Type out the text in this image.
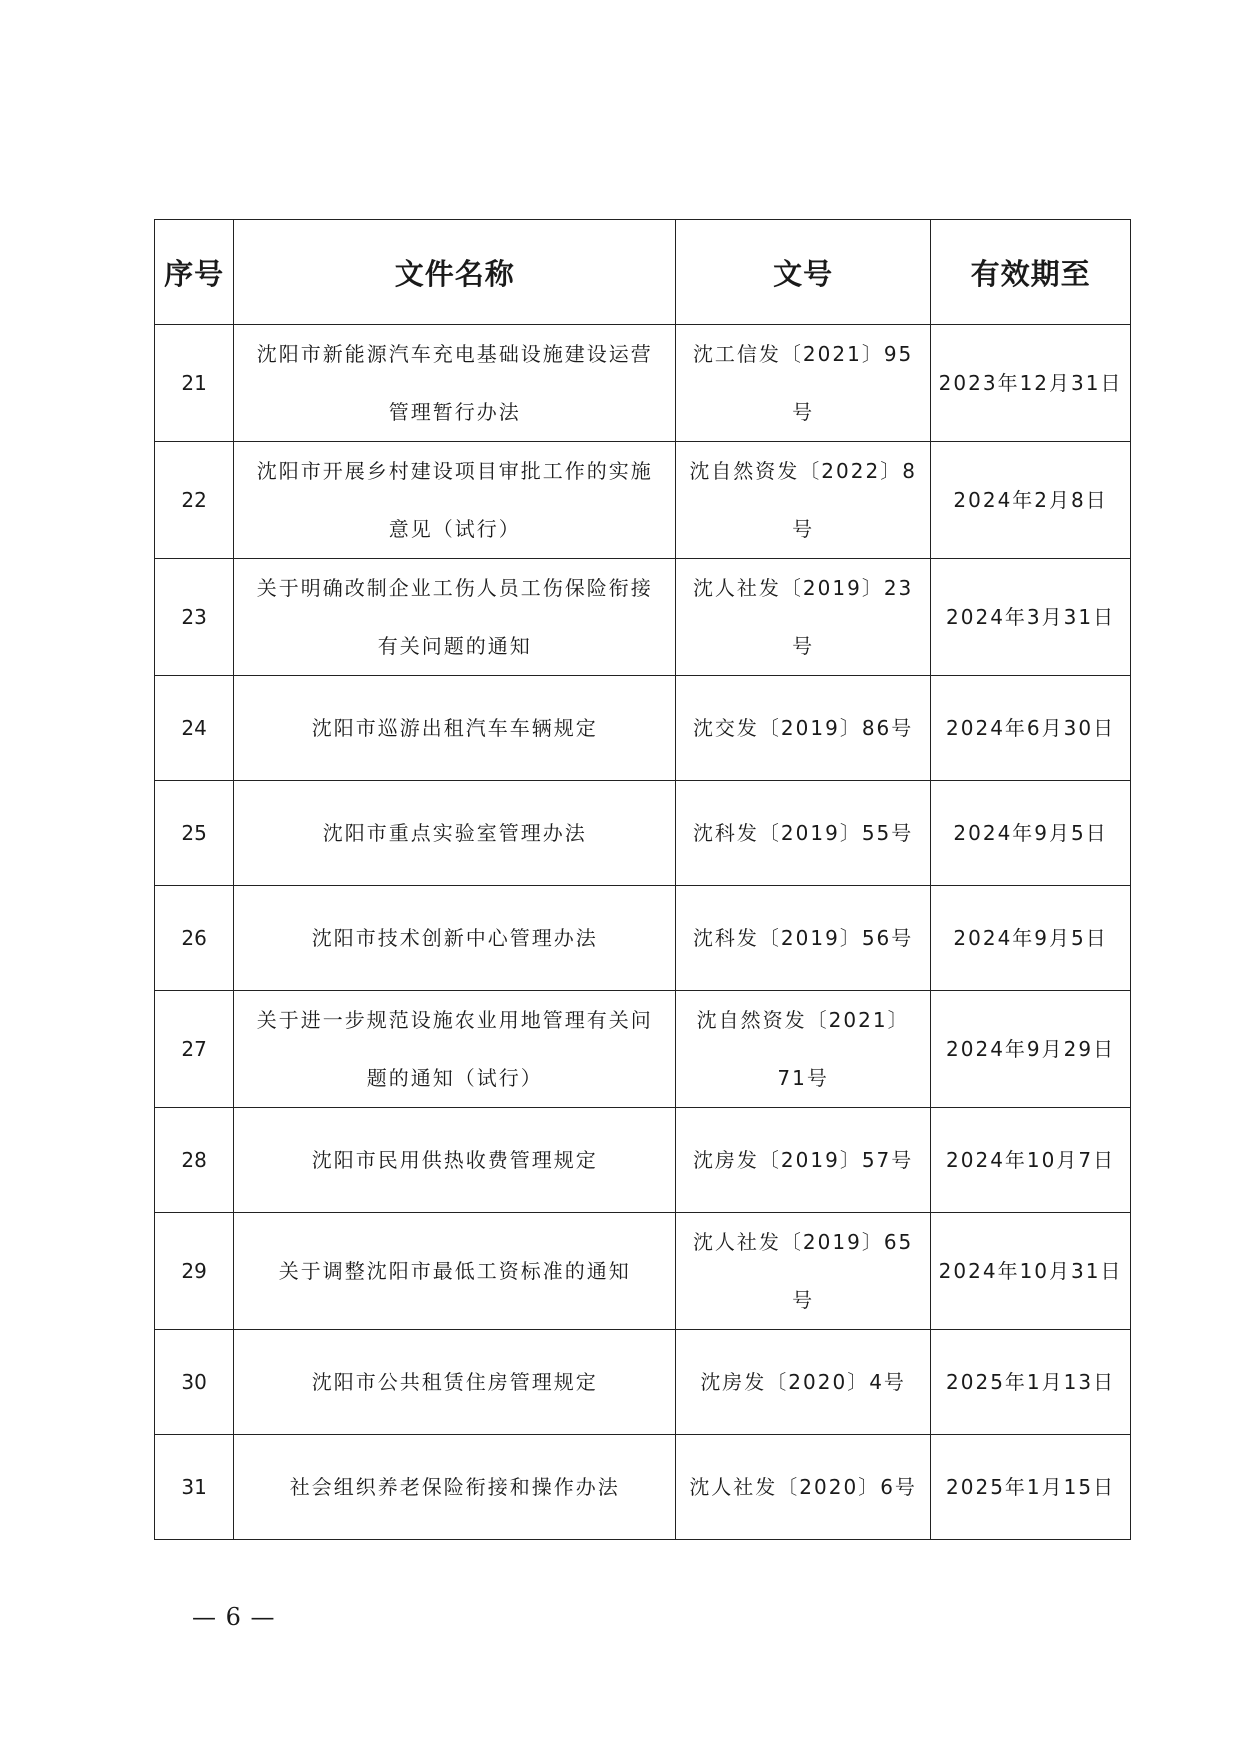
序号	文件名称	文号	有效期至
21	沈阳市新能源汽车充电基础设施建设运营管理暂行办法	沈工信发〔2021〕95号	2023年12月31日
22	沈阳市开展乡村建设项目审批工作的实施意见（试行）	沈自然资发〔2022〕8号	2024年2月8日
23	关于明确改制企业工伤人员工伤保险衔接有关问题的通知	沈人社发〔2019〕23号	2024年3月31日
24	沈阳市巡游出租汽车车辆规定	沈交发〔2019〕86号	2024年6月30日
25	沈阳市重点实验室管理办法	沈科发〔2019〕55号	2024年9月5日
26	沈阳市技术创新中心管理办法	沈科发〔2019〕56号	2024年9月5日
27	关于进一步规范设施农业用地管理有关问题的通知（试行）	沈自然资发〔2021〕71号	2024年9月29日
28	沈阳市民用供热收费管理规定	沈房发〔2019〕57号	2024年10月7日
29	关于调整沈阳市最低工资标准的通知	沈人社发〔2019〕65号	2024年10月31日
30	沈阳市公共租赁住房管理规定	沈房发〔2020〕4号	2025年1月13日
31	社会组织养老保险衔接和操作办法	沈人社发〔2020〕6号	2025年1月15日
— 6 —
